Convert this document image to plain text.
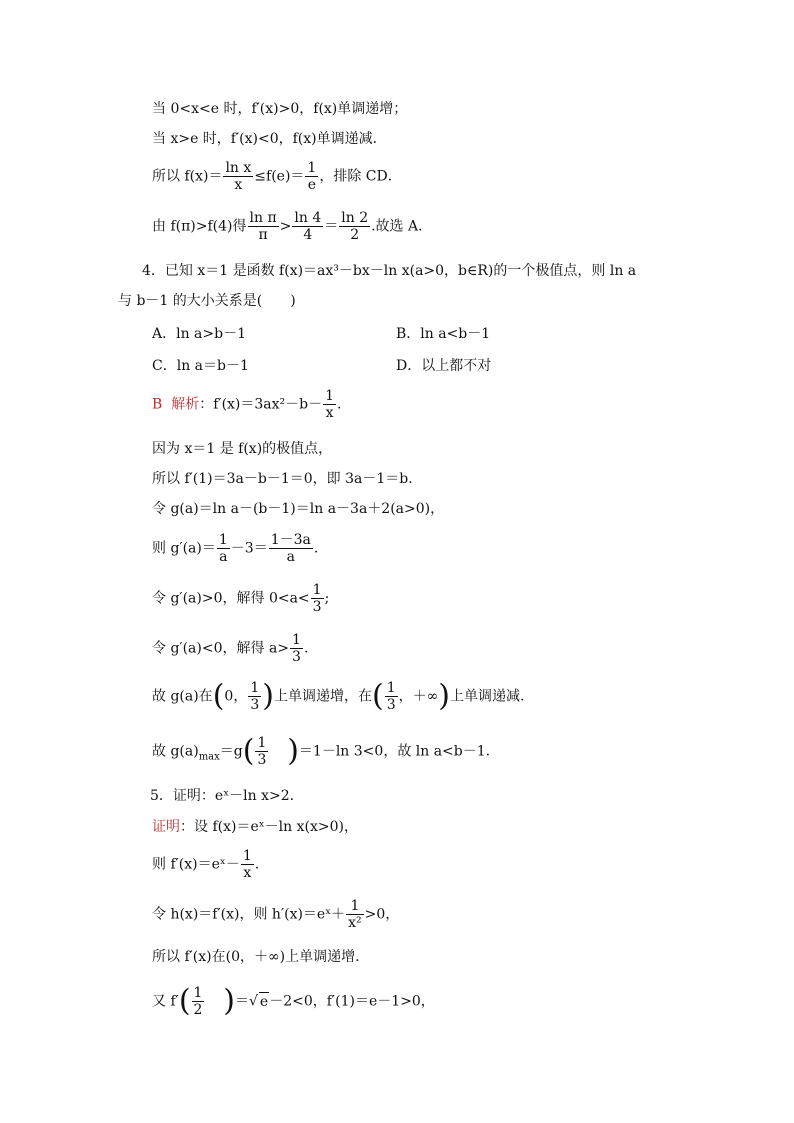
当 0<x<e 时，f′(x)>0，f(x)单调递增；
当 x>e 时，f′(x)<0，f(x)单调递减．
所以 $f(x)= \frac{\text{ln x}}{x} \le f(e)= \frac{1}{e}$ ，排除 CD．
由 f(π)>f(4)得 $\frac{\text{ln π}}{\pi} > \frac{\ln 4}{4} = \frac{\ln 2}{2}$ .故选 A．
4．已知 x＝1 是函数 f(x)＝ax³－bx－ln x(a>0，b∈R)的一个极值点，则 ln a
与 b－1 的大小关系是(　　)
A．ln a>b－1	B．ln a<b－1
C．ln a＝b－1	D．以上都不对
B 解析：$f'(x)=3ax^2-b- \frac{1}{x}$ .
因为 x＝1 是 f(x)的极值点，
所以 f′(1)＝3a－b－1＝0，即 3a－1＝b.
令 g(a)＝ln a－(b－1)＝ln a－3a＋2(a>0)，
则 $g'(a)= \frac{1}{a} -3= \frac{1-3a}{a}$ .
令 g′(a)>0，解得 $0<a< \frac{1}{3}$ ;
令 g′(a)<0，解得 $a> \frac{1}{3}$ .
故 g(a)在(0， $\frac{1}{3}$ )上单调递增，在( $\frac{1}{3}$ ，＋∞)上单调递减.
故 $g(a)_{max}=g( \frac{1}{3} )=1-\ln$ 3<0，故 ln a<b－1.
5．证明：eˣ－ln x>2.
证明：设 f(x)＝eˣ－ln x(x>0)，
则 f′(x)＝eˣ－ $\frac{1}{x}$ .
令 h(x)＝f′(x)，则 h′(x)＝eˣ＋ $\frac{1}{\text{x²}} >0$，
所以 f′(x)在(0，＋∞)上单调递增．
又 $f'( \frac{1}{2}$ )＝√ e－2<0，f′(1)＝e－1>0，
